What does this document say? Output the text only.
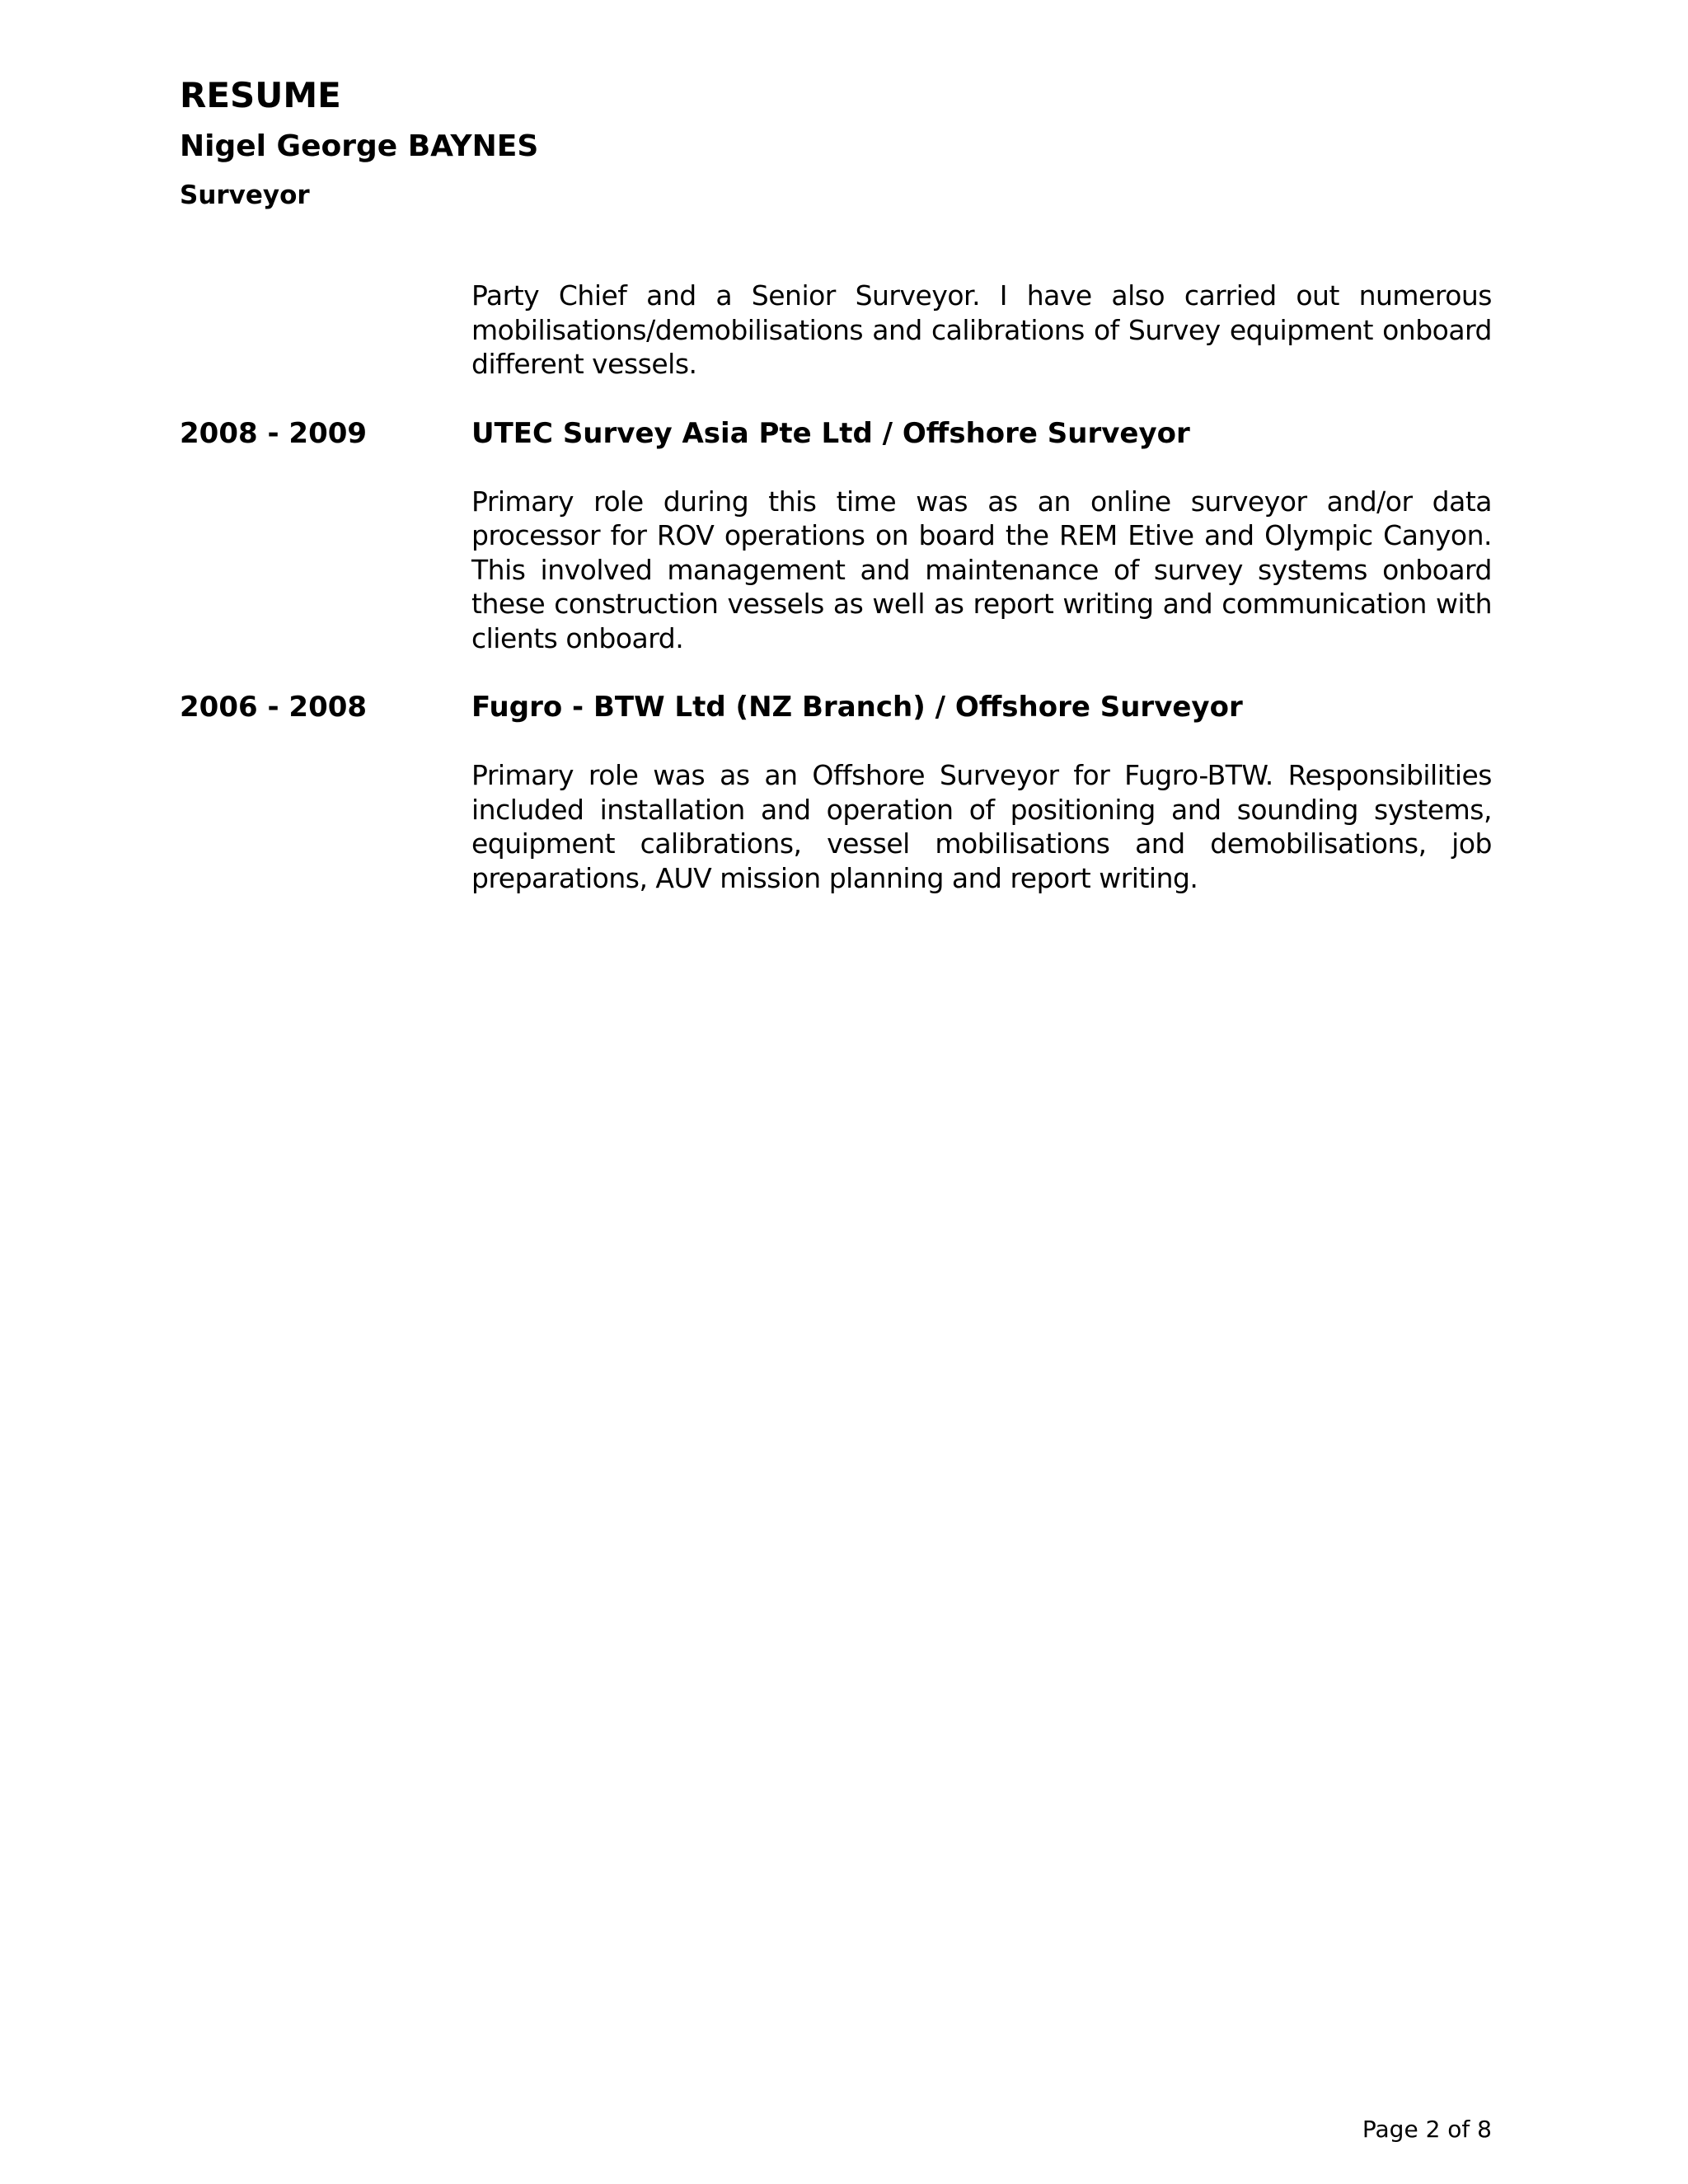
RESUME
Nigel George BAYNES
Surveyor

Party Chief and a Senior Surveyor. I have also carried out numerous mobilisations/demobilisations and calibrations of Survey equipment onboard different vessels.

2008 - 2009	UTEC Survey Asia Pte Ltd / Offshore Surveyor

Primary role during this time was as an online surveyor and/or data processor for ROV operations on board the REM Etive and Olympic Canyon. This involved management and maintenance of survey systems onboard these construction vessels as well as report writing and communication with clients onboard.

2006 - 2008	Fugro - BTW Ltd (NZ Branch) / Offshore Surveyor

Primary role was as an Offshore Surveyor for Fugro-BTW. Responsibilities included installation and operation of positioning and sounding systems, equipment calibrations, vessel mobilisations and demobilisations, job preparations, AUV mission planning and report writing.

Page 2 of 8
